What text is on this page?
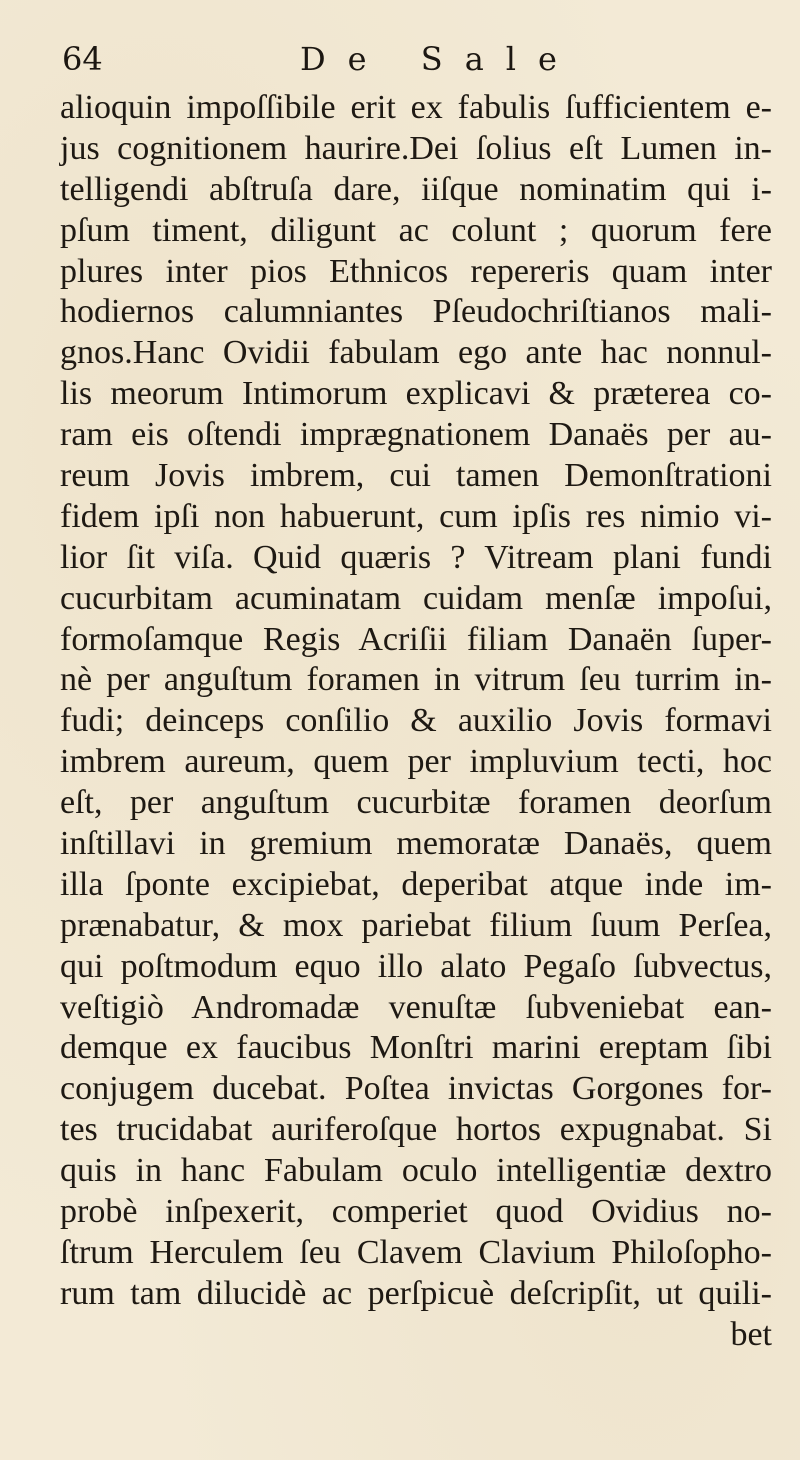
64	De Sale
alioquin impoſſibile erit ex fabulis ſufficientem e-
jus cognitionem haurire.Dei ſolius eſt Lumen in-
telligendi abſtruſa dare, iiſque nominatim qui i-
pſum timent, diligunt ac colunt ; quorum fere
plures inter pios Ethnicos repereris quam inter
hodiernos calumniantes Pſeudochriſtianos mali-
gnos.Hanc Ovidii fabulam ego ante hac nonnul-
lis meorum Intimorum explicavi & præterea co-
ram eis oſtendi imprægnationem Danaës per au-
reum Jovis imbrem, cui tamen Demonſtrationi
fidem ipſi non habuerunt, cum ipſis res nimio vi-
lior ſit viſa. Quid quæris ? Vitream plani fundi
cucurbitam acuminatam cuidam menſæ impoſui,
formoſamque Regis Acriſii filiam Danaën ſuper-
nè per anguſtum foramen in vitrum ſeu turrim in-
fudi; deinceps conſilio & auxilio Jovis formavi
imbrem aureum, quem per impluvium tecti, hoc
eſt, per anguſtum cucurbitæ foramen deorſum
inſtillavi in gremium memoratæ Danaës, quem
illa ſponte excipiebat, deperibat atque inde im-
prænabatur, & mox pariebat filium ſuum Perſea,
qui poſtmodum equo illo alato Pegaſo ſubvectus,
veſtigiò Andromadæ venuſtæ ſubveniebat ean-
demque ex faucibus Monſtri marini ereptam ſibi
conjugem ducebat. Poſtea invictas Gorgones for-
tes trucidabat auriferoſque hortos expugnabat. Si
quis in hanc Fabulam oculo intelligentiæ dextro
probè inſpexerit, comperiet quod Ovidius no-
ſtrum Herculem ſeu Clavem Clavium Philoſopho-
rum tam dilucidè ac perſpicuè deſcripſit, ut quili-
bet
